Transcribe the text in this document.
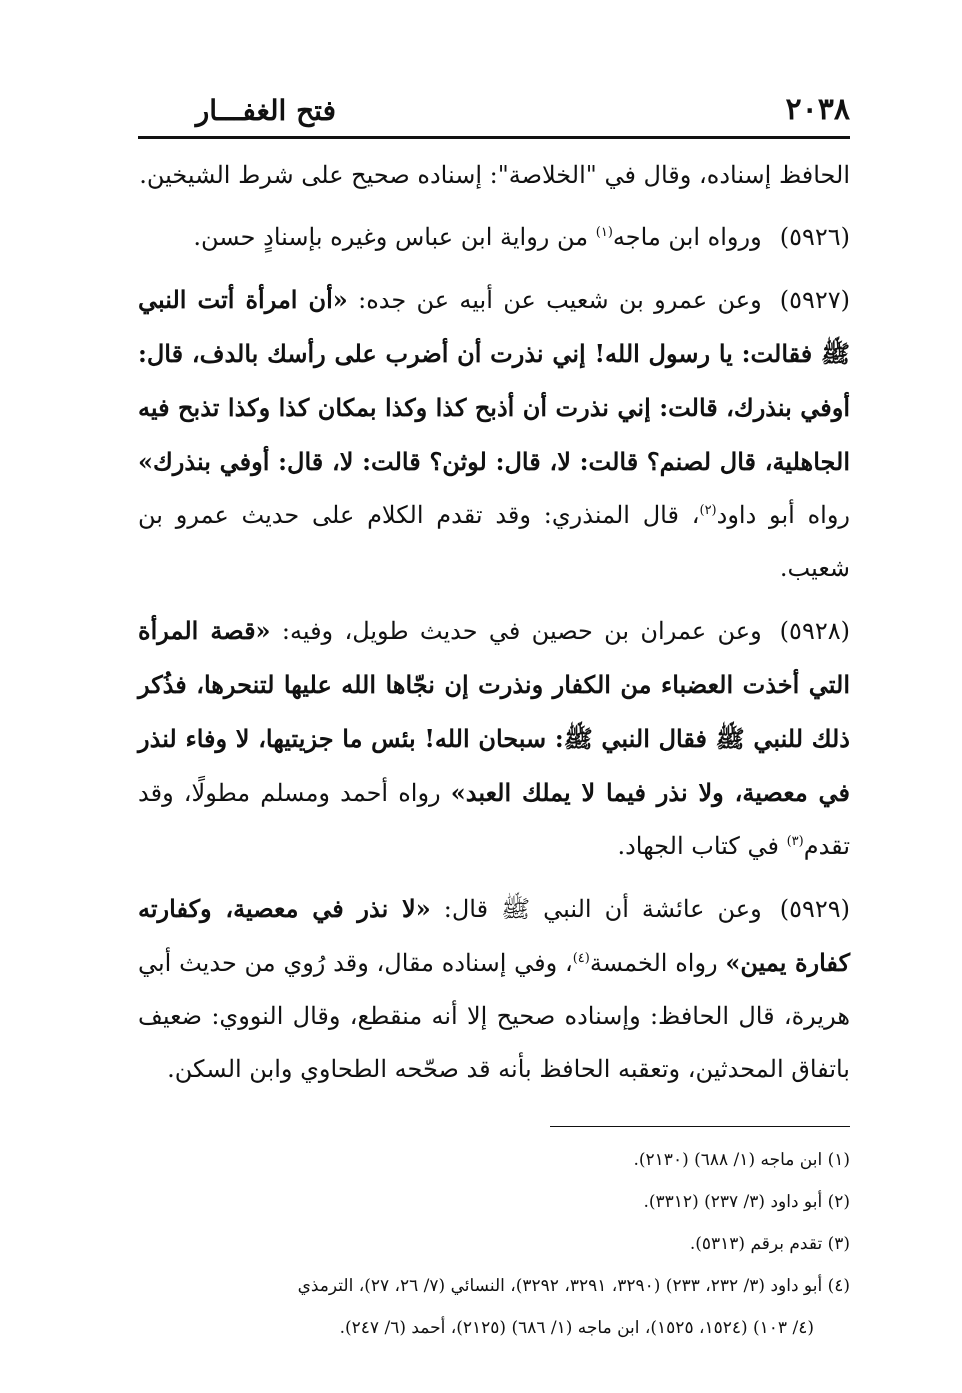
٢٠٣٨
فتح الغفـــار

الحافظ إسناده، وقال في "الخلاصة": إسناده صحيح على شرط الشيخين.

(٥٩٢٦)ورواه ابن ماجه$^{(١)}$ من رواية ابن عباس وغيره بإسنادٍ حسن.

(٥٩٢٧)وعن عمرو بن شعيب عن أبيه عن جده: «أن امرأة أتت النبي ﷺ فقالت: يا رسول الله! إني نذرت أن أضرب على رأسك بالدف، قال: أوفي بنذرك، قالت: إني نذرت أن أذبح كذا وكذا بمكان كذا وكذا تذبح فيه الجاهلية، قال لصنم؟ قالت: لا، قال: لوثن؟ قالت: لا، قال: أوفي بنذرك» رواه أبو داود$^{(٢)}$، قال المنذري: وقد تقدم الكلام على حديث عمرو بن شعيب.

(٥٩٢٨)وعن عمران بن حصين في حديث طويل، وفيه: «قصة المرأة التي أخذت العضباء من الكفار ونذرت إن نجّاها الله عليها لتنحرها، فذُكر ذلك للنبي ﷺ فقال النبي ﷺ: سبحان الله! بئس ما جزيتيها، لا وفاء لنذر في معصية، ولا نذر فيما لا يملك العبد» رواه أحمد ومسلم مطولًا، وقد تقدم$^{(٣)}$ في كتاب الجهاد.

(٥٩٢٩)وعن عائشة أن النبي ﷺ قال: «لا نذر في معصية، وكفارته كفارة يمين» رواه الخمسة$^{(٤)}$، وفي إسناده مقال، وقد رُوي من حديث أبي هريرة، قال الحافظ: وإسناده صحيح إلا أنه منقطع، وقال النووي: ضعيف باتفاق المحدثين، وتعقبه الحافظ بأنه قد صحّحه الطحاوي وابن السكن.

(١) ابن ماجه (١/ ٦٨٨) (٢١٣٠).

(٢) أبو داود (٣/ ٢٣٧) (٣٣١٢).

(٣) تقدم برقم (٥٣١٣).

(٤) أبو داود (٣/ ٢٣٢، ٢٣٣) (٣٢٩٠، ٣٢٩١، ٣٢٩٢)، النسائي (٧/ ٢٦، ٢٧)، الترمذي

(٤/ ١٠٣) (١٥٢٤، ١٥٢٥)، ابن ماجه (١/ ٦٨٦) (٢١٢٥)، أحمد (٦/ ٢٤٧).
